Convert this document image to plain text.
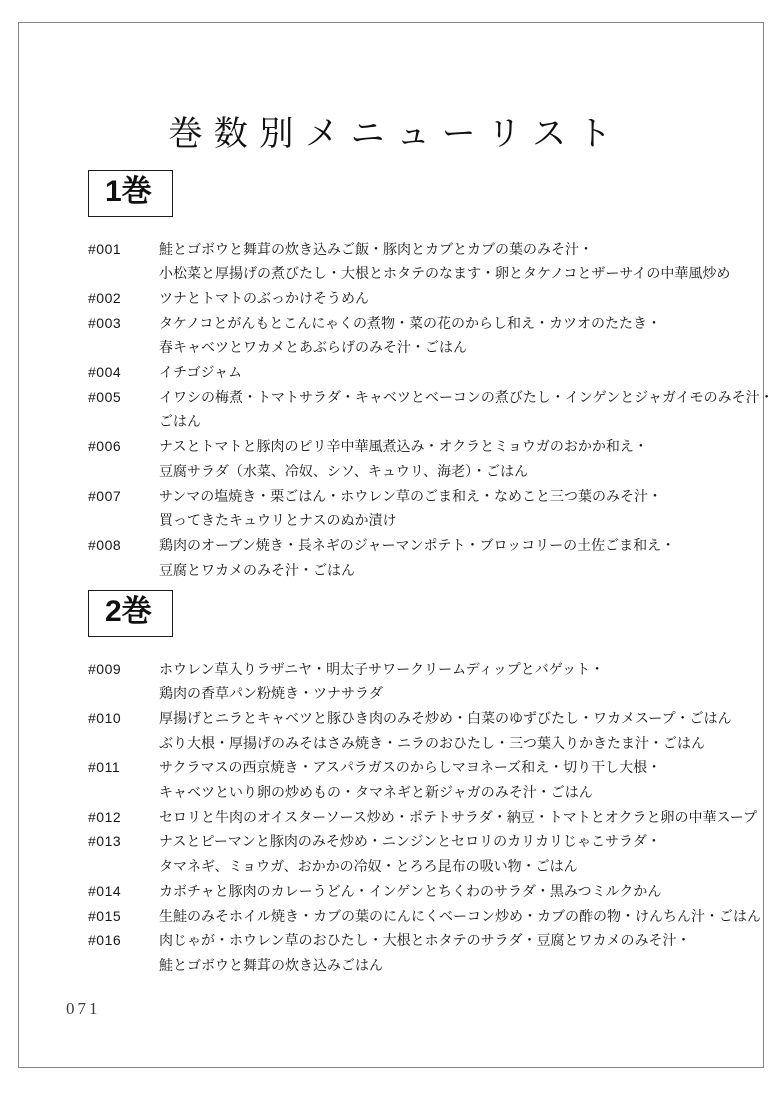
巻数別メニューリスト
1巻
#001	鮭とゴボウと舞茸の炊き込みご飯・豚肉とカブとカブの葉のみそ汁・
小松菜と厚揚げの煮びたし・大根とホタテのなます・卵とタケノコとザーサイの中華風炒め
#002	ツナとトマトのぶっかけそうめん
#003	タケノコとがんもとこんにゃくの煮物・菜の花のからし和え・カツオのたたき・
春キャベツとワカメとあぶらげのみそ汁・ごはん
#004	イチゴジャム
#005	イワシの梅煮・トマトサラダ・キャベツとベーコンの煮びたし・インゲンとジャガイモのみそ汁・
ごはん
#006	ナスとトマトと豚肉のピリ辛中華風煮込み・オクラとミョウガのおかか和え・
豆腐サラダ（水菜、冷奴、シソ、キュウリ、海老）・ごはん
#007	サンマの塩焼き・栗ごはん・ホウレン草のごま和え・なめこと三つ葉のみそ汁・
買ってきたキュウリとナスのぬか漬け
#008	鶏肉のオーブン焼き・長ネギのジャーマンポテト・ブロッコリーの土佐ごま和え・
豆腐とワカメのみそ汁・ごはん
2巻
#009	ホウレン草入りラザニヤ・明太子サワークリームディップとバゲット・
鶏肉の香草パン粉焼き・ツナサラダ
#010	厚揚げとニラとキャベツと豚ひき肉のみそ炒め・白菜のゆずびたし・ワカメスープ・ごはん
ぶり大根・厚揚げのみそはさみ焼き・ニラのおひたし・三つ葉入りかきたま汁・ごはん
#011	サクラマスの西京焼き・アスパラガスのからしマヨネーズ和え・切り干し大根・
キャベツといり卵の炒めもの・タマネギと新ジャガのみそ汁・ごはん
#012	セロリと牛肉のオイスターソース炒め・ポテトサラダ・納豆・トマトとオクラと卵の中華スープ
#013	ナスとピーマンと豚肉のみそ炒め・ニンジンとセロリのカリカリじゃこサラダ・
タマネギ、ミョウガ、おかかの冷奴・とろろ昆布の吸い物・ごはん
#014	カボチャと豚肉のカレーうどん・インゲンとちくわのサラダ・黒みつミルクかん
#015	生鮭のみそホイル焼き・カブの葉のにんにくベーコン炒め・カブの酢の物・けんちん汁・ごはん
#016	肉じゃが・ホウレン草のおひたし・大根とホタテのサラダ・豆腐とワカメのみそ汁・
鮭とゴボウと舞茸の炊き込みごはん
071
